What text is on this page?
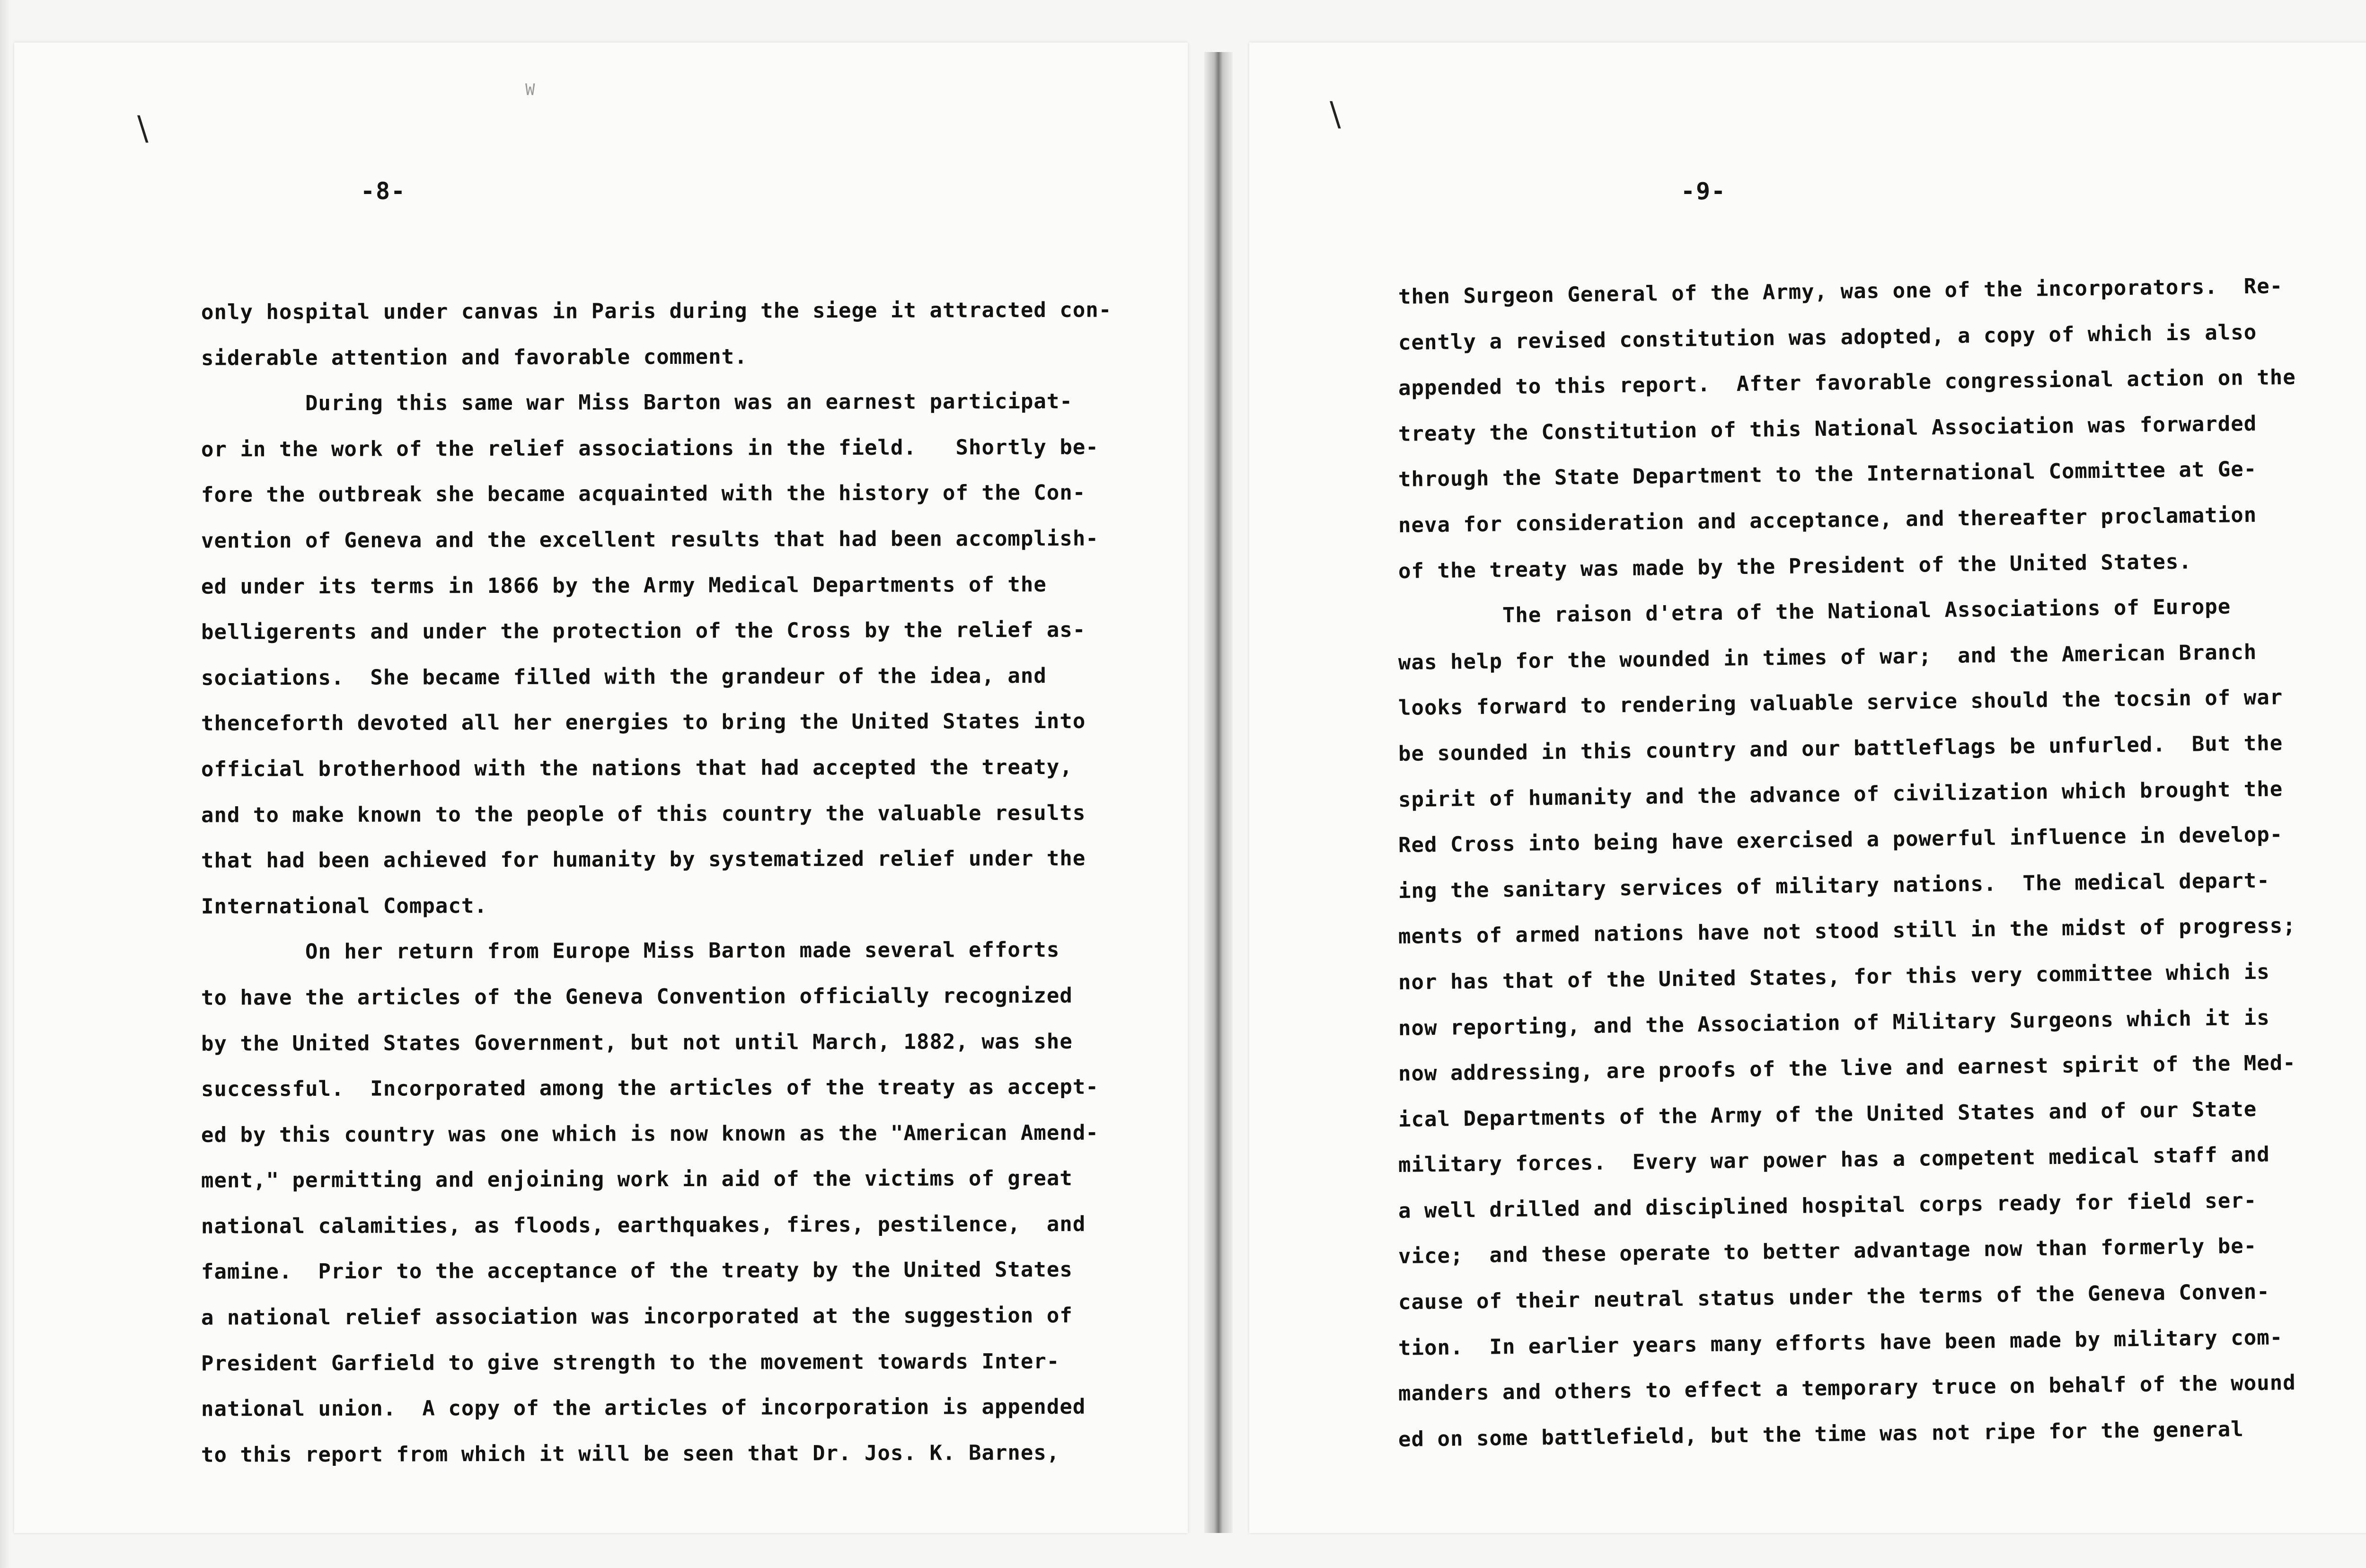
\
W
-8-
only hospital under canvas in Paris during the siege it attracted con-
siderable attention and favorable comment.
During this same war Miss Barton was an earnest participat-
or in the work of the relief associations in the field.   Shortly be-
fore the outbreak she became acquainted with the history of the Con-
vention of Geneva and the excellent results that had been accomplish-
ed under its terms in 1866 by the Army Medical Departments of the
belligerents and under the protection of the Cross by the relief as-
sociations.  She became filled with the grandeur of the idea, and
thenceforth devoted all her energies to bring the United States into
official brotherhood with the nations that had accepted the treaty,
and to make known to the people of this country the valuable results
that had been achieved for humanity by systematized relief under the
International Compact.
On her return from Europe Miss Barton made several efforts
to have the articles of the Geneva Convention officially recognized
by the United States Government, but not until March, 1882, was she
successful.  Incorporated among the articles of the treaty as accept-
ed by this country was one which is now known as the "American Amend-
ment," permitting and enjoining work in aid of the victims of great
national calamities, as floods, earthquakes, fires, pestilence,  and
famine.  Prior to the acceptance of the treaty by the United States
a national relief association was incorporated at the suggestion of
President Garfield to give strength to the movement towards Inter-
national union.  A copy of the articles of incorporation is appended
to this report from which it will be seen that Dr. Jos. K. Barnes,
\
-9-
then Surgeon General of the Army, was one of the incorporators.  Re-
cently a revised constitution was adopted, a copy of which is also
appended to this report.  After favorable congressional action on the
treaty the Constitution of this National Association was forwarded
through the State Department to the International Committee at Ge-
neva for consideration and acceptance, and thereafter proclamation
of the treaty was made by the President of the United States.
The raison d'etra of the National Associations of Europe
was help for the wounded in times of war;  and the American Branch
looks forward to rendering valuable service should the tocsin of war
be sounded in this country and our battleflags be unfurled.  But the
spirit of humanity and the advance of civilization which brought the
Red Cross into being have exercised a powerful influence in develop-
ing the sanitary services of military nations.  The medical depart-
ments of armed nations have not stood still in the midst of progress;
nor has that of the United States, for this very committee which is
now reporting, and the Association of Military Surgeons which it is
now addressing, are proofs of the live and earnest spirit of the Med-
ical Departments of the Army of the United States and of our State
military forces.  Every war power has a competent medical staff and
a well drilled and disciplined hospital corps ready for field ser-
vice;  and these operate to better advantage now than formerly be-
cause of their neutral status under the terms of the Geneva Conven-
tion.  In earlier years many efforts have been made by military com-
manders and others to effect a temporary truce on behalf of the wound
ed on some battlefield, but the time was not ripe for the general
